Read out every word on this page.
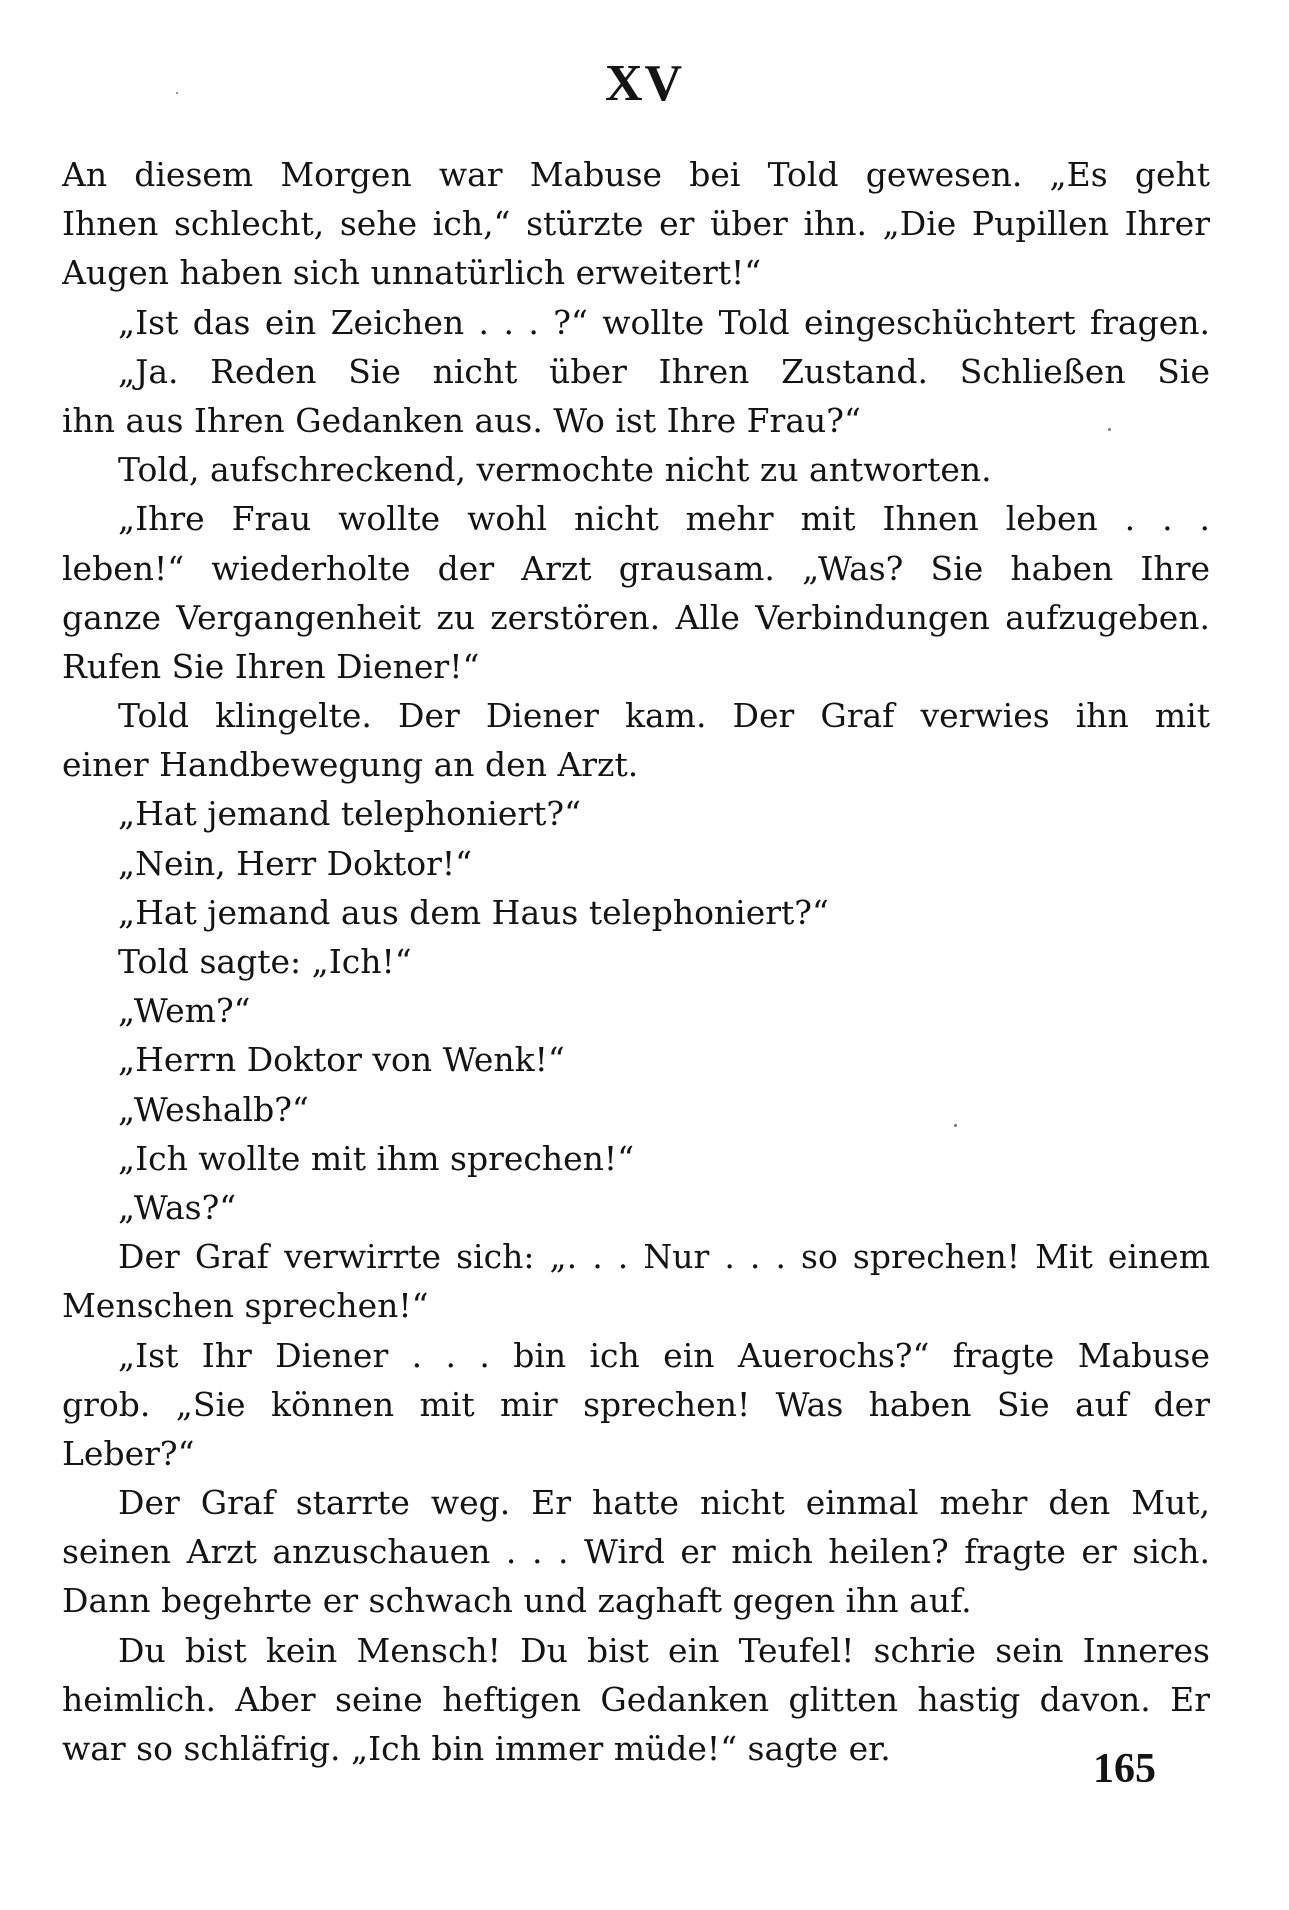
XV
An diesem Morgen war Mabuse bei Told gewesen. „Es geht
Ihnen schlecht, sehe ich,“ stürzte er über ihn. „Die Pupillen Ihrer
Augen haben sich unnatürlich erweitert!“
„Ist das ein Zeichen . . . ?“ wollte Told eingeschüchtert fragen.
„Ja. Reden Sie nicht über Ihren Zustand. Schließen Sie
ihn aus Ihren Gedanken aus. Wo ist Ihre Frau?“
Told, aufschreckend, vermochte nicht zu antworten.
„Ihre Frau wollte wohl nicht mehr mit Ihnen leben . . .
leben!“ wiederholte der Arzt grausam. „Was? Sie haben Ihre
ganze Vergangenheit zu zerstören. Alle Verbindungen aufzugeben.
Rufen Sie Ihren Diener!“
Told klingelte. Der Diener kam. Der Graf verwies ihn mit
einer Handbewegung an den Arzt.
„Hat jemand telephoniert?“
„Nein, Herr Doktor!“
„Hat jemand aus dem Haus telephoniert?“
Told sagte: „Ich!“
„Wem?“
„Herrn Doktor von Wenk!“
„Weshalb?“
„Ich wollte mit ihm sprechen!“
„Was?“
Der Graf verwirrte sich: „. . . Nur . . . so sprechen! Mit einem
Menschen sprechen!“
„Ist Ihr Diener . . . bin ich ein Auerochs?“ fragte Mabuse
grob. „Sie können mit mir sprechen! Was haben Sie auf der
Leber?“
Der Graf starrte weg. Er hatte nicht einmal mehr den Mut,
seinen Arzt anzuschauen . . . Wird er mich heilen? fragte er sich.
Dann begehrte er schwach und zaghaft gegen ihn auf.
Du bist kein Mensch! Du bist ein Teufel! schrie sein Inneres
heimlich. Aber seine heftigen Gedanken glitten hastig davon. Er
war so schläfrig. „Ich bin immer müde!“ sagte er.	165
